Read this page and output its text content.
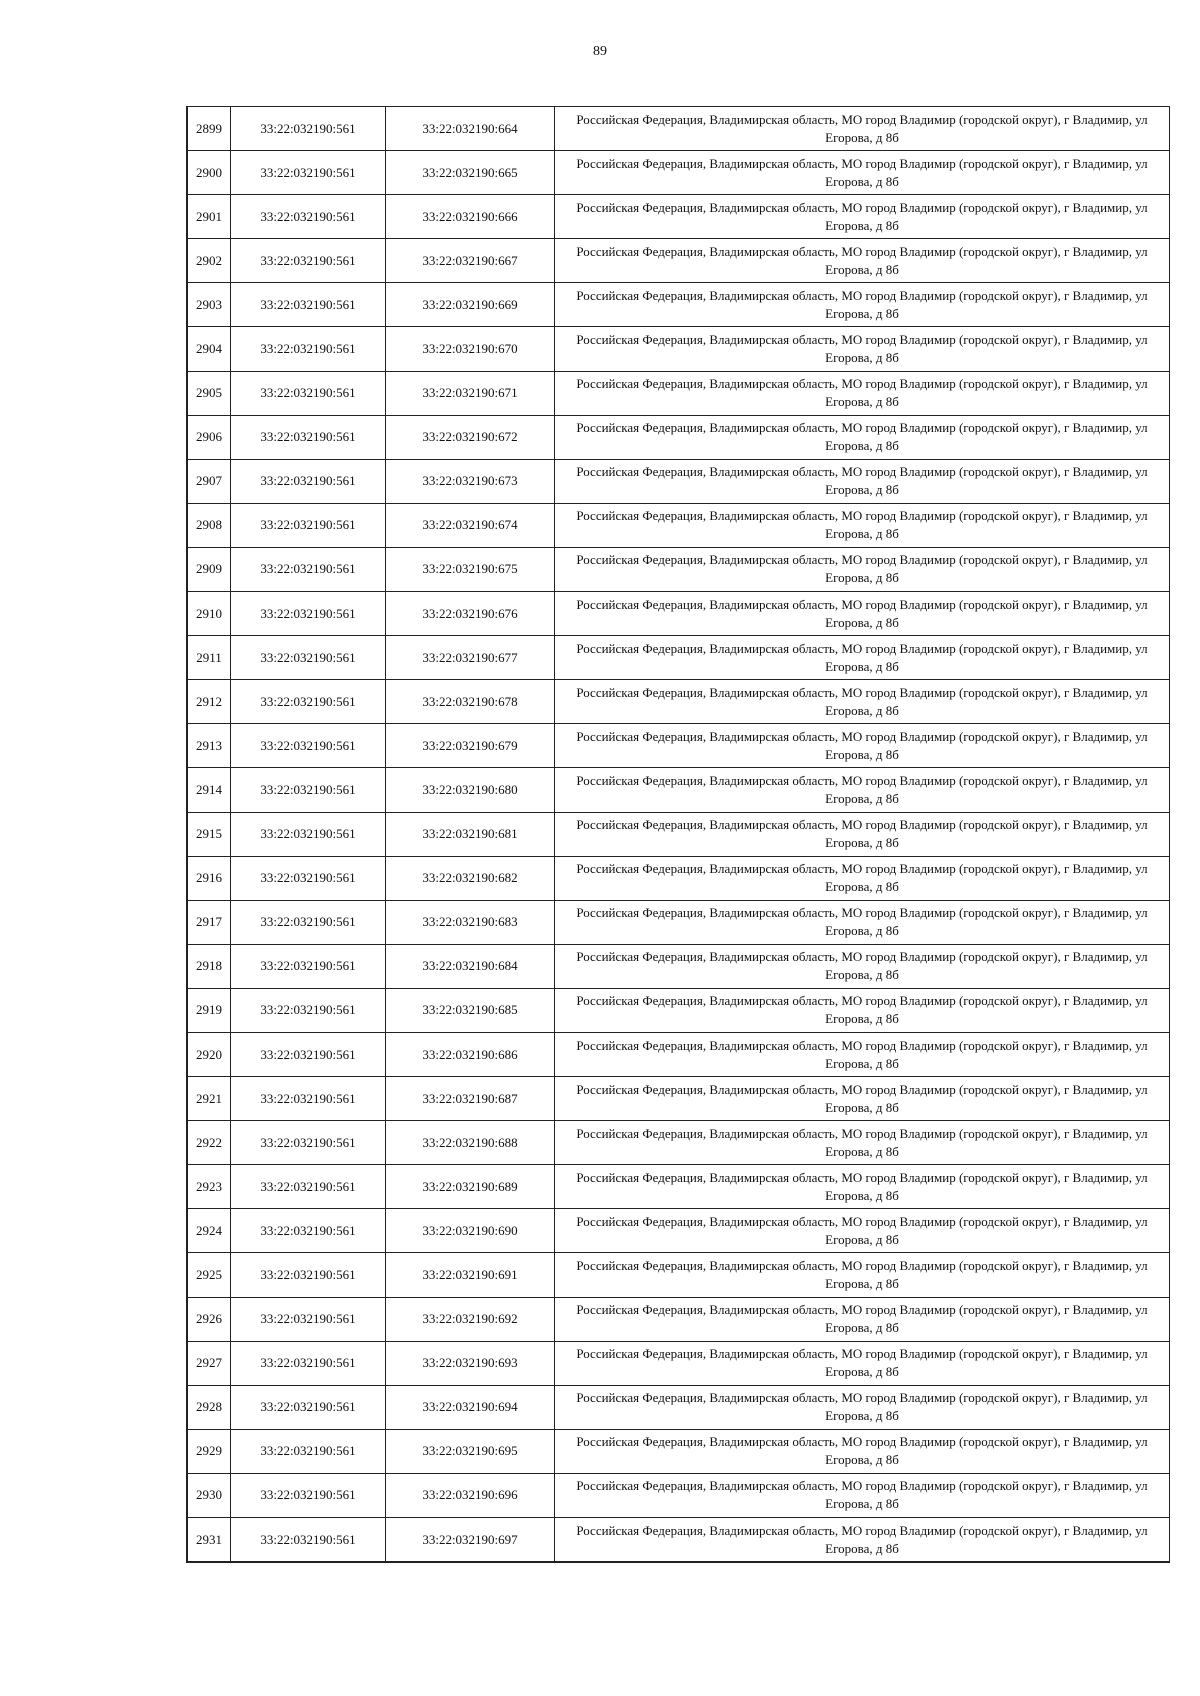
89
2899	33:22:032190:561	33:22:032190:664	Российская Федерация, Владимирская область, МО город Владимир (городской округ), г Владимир, ул Егорова, д 8б
2900	33:22:032190:561	33:22:032190:665	Российская Федерация, Владимирская область, МО город Владимир (городской округ), г Владимир, ул Егорова, д 8б
2901	33:22:032190:561	33:22:032190:666	Российская Федерация, Владимирская область, МО город Владимир (городской округ), г Владимир, ул Егорова, д 8б
2902	33:22:032190:561	33:22:032190:667	Российская Федерация, Владимирская область, МО город Владимир (городской округ), г Владимир, ул Егорова, д 8б
2903	33:22:032190:561	33:22:032190:669	Российская Федерация, Владимирская область, МО город Владимир (городской округ), г Владимир, ул Егорова, д 8б
2904	33:22:032190:561	33:22:032190:670	Российская Федерация, Владимирская область, МО город Владимир (городской округ), г Владимир, ул Егорова, д 8б
2905	33:22:032190:561	33:22:032190:671	Российская Федерация, Владимирская область, МО город Владимир (городской округ), г Владимир, ул Егорова, д 8б
2906	33:22:032190:561	33:22:032190:672	Российская Федерация, Владимирская область, МО город Владимир (городской округ), г Владимир, ул Егорова, д 8б
2907	33:22:032190:561	33:22:032190:673	Российская Федерация, Владимирская область, МО город Владимир (городской округ), г Владимир, ул Егорова, д 8б
2908	33:22:032190:561	33:22:032190:674	Российская Федерация, Владимирская область, МО город Владимир (городской округ), г Владимир, ул Егорова, д 8б
2909	33:22:032190:561	33:22:032190:675	Российская Федерация, Владимирская область, МО город Владимир (городской округ), г Владимир, ул Егорова, д 8б
2910	33:22:032190:561	33:22:032190:676	Российская Федерация, Владимирская область, МО город Владимир (городской округ), г Владимир, ул Егорова, д 8б
2911	33:22:032190:561	33:22:032190:677	Российская Федерация, Владимирская область, МО город Владимир (городской округ), г Владимир, ул Егорова, д 8б
2912	33:22:032190:561	33:22:032190:678	Российская Федерация, Владимирская область, МО город Владимир (городской округ), г Владимир, ул Егорова, д 8б
2913	33:22:032190:561	33:22:032190:679	Российская Федерация, Владимирская область, МО город Владимир (городской округ), г Владимир, ул Егорова, д 8б
2914	33:22:032190:561	33:22:032190:680	Российская Федерация, Владимирская область, МО город Владимир (городской округ), г Владимир, ул Егорова, д 8б
2915	33:22:032190:561	33:22:032190:681	Российская Федерация, Владимирская область, МО город Владимир (городской округ), г Владимир, ул Егорова, д 8б
2916	33:22:032190:561	33:22:032190:682	Российская Федерация, Владимирская область, МО город Владимир (городской округ), г Владимир, ул Егорова, д 8б
2917	33:22:032190:561	33:22:032190:683	Российская Федерация, Владимирская область, МО город Владимир (городской округ), г Владимир, ул Егорова, д 8б
2918	33:22:032190:561	33:22:032190:684	Российская Федерация, Владимирская область, МО город Владимир (городской округ), г Владимир, ул Егорова, д 8б
2919	33:22:032190:561	33:22:032190:685	Российская Федерация, Владимирская область, МО город Владимир (городской округ), г Владимир, ул Егорова, д 8б
2920	33:22:032190:561	33:22:032190:686	Российская Федерация, Владимирская область, МО город Владимир (городской округ), г Владимир, ул Егорова, д 8б
2921	33:22:032190:561	33:22:032190:687	Российская Федерация, Владимирская область, МО город Владимир (городской округ), г Владимир, ул Егорова, д 8б
2922	33:22:032190:561	33:22:032190:688	Российская Федерация, Владимирская область, МО город Владимир (городской округ), г Владимир, ул Егорова, д 8б
2923	33:22:032190:561	33:22:032190:689	Российская Федерация, Владимирская область, МО город Владимир (городской округ), г Владимир, ул Егорова, д 8б
2924	33:22:032190:561	33:22:032190:690	Российская Федерация, Владимирская область, МО город Владимир (городской округ), г Владимир, ул Егорова, д 8б
2925	33:22:032190:561	33:22:032190:691	Российская Федерация, Владимирская область, МО город Владимир (городской округ), г Владимир, ул Егорова, д 8б
2926	33:22:032190:561	33:22:032190:692	Российская Федерация, Владимирская область, МО город Владимир (городской округ), г Владимир, ул Егорова, д 8б
2927	33:22:032190:561	33:22:032190:693	Российская Федерация, Владимирская область, МО город Владимир (городской округ), г Владимир, ул Егорова, д 8б
2928	33:22:032190:561	33:22:032190:694	Российская Федерация, Владимирская область, МО город Владимир (городской округ), г Владимир, ул Егорова, д 8б
2929	33:22:032190:561	33:22:032190:695	Российская Федерация, Владимирская область, МО город Владимир (городской округ), г Владимир, ул Егорова, д 8б
2930	33:22:032190:561	33:22:032190:696	Российская Федерация, Владимирская область, МО город Владимир (городской округ), г Владимир, ул Егорова, д 8б
2931	33:22:032190:561	33:22:032190:697	Российская Федерация, Владимирская область, МО город Владимир (городской округ), г Владимир, ул Егорова, д 8б
